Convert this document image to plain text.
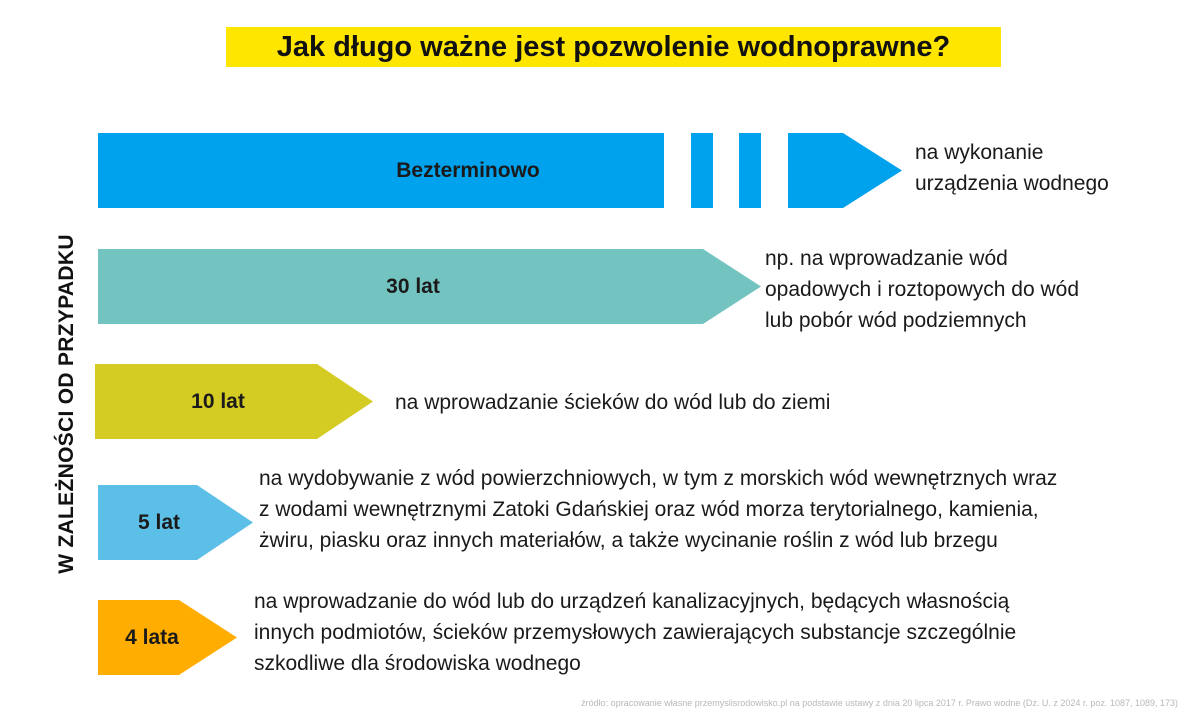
Jak długo ważne jest pozwolenie wodnoprawne?
W ZALEŻNOŚCI OD PRZYPADKU
Bezterminowo
30 lat
10 lat
5 lat
4 lata
na wykonanie
urządzenia wodnego
np. na wprowadzanie wód
opadowych i roztopowych do wód
lub pobór wód podziemnych
na wprowadzanie ścieków do wód lub do ziemi
na wydobywanie z wód powierzchniowych, w tym z morskich wód wewnętrznych wraz
z wodami wewnętrznymi Zatoki Gdańskiej oraz wód morza terytorialnego, kamienia,
żwiru, piasku oraz innych materiałów, a także wycinanie roślin z wód lub brzegu
na wprowadzanie do wód lub do urządzeń kanalizacyjnych, będących własnością
innych podmiotów, ścieków przemysłowych zawierających substancje szczególnie
szkodliwe dla środowiska wodnego
źródło: opracowanie własne przemyslisrodowisko.pl na podstawie ustawy z dnia 20 lipca 2017 r. Prawo wodne (Dz. U. z 2024 r. poz. 1087, 1089, 173)
